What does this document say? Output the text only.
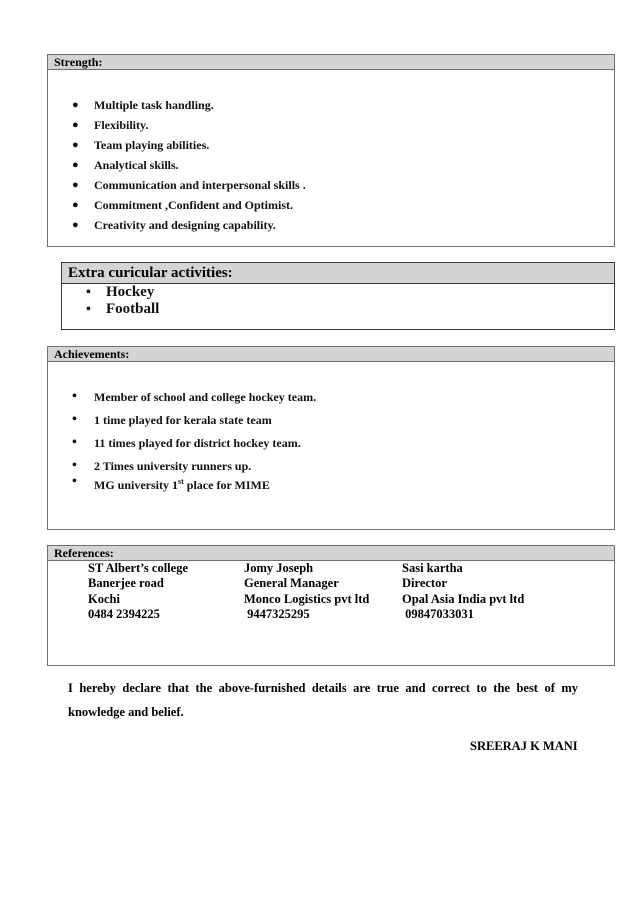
Strength:
● Multiple task handling.
● Flexibility.
● Team playing abilities.
● Analytical skills.
● Communication and interpersonal skills .
● Commitment ,Confident and Optimist.
● Creativity and designing capability.
Extra curicular activities:
• Hockey
• Football
Achievements:
• Member of school and college hockey team.
• 1 time played for kerala state team
• 11 times played for district hockey team.
• 2 Times university runners up.
• MG university 1st place for MIME
References:
ST Albert’s college
Banerjee road
Kochi
0484 2394225
Jomy Joseph
General Manager
Monco Logistics pvt ltd
9447325295
Sasi kartha
Director
Opal Asia India pvt ltd
09847033031
I hereby declare that the above-furnished details are true and correct to the best of my knowledge and belief.
SREERAJ K MANI
